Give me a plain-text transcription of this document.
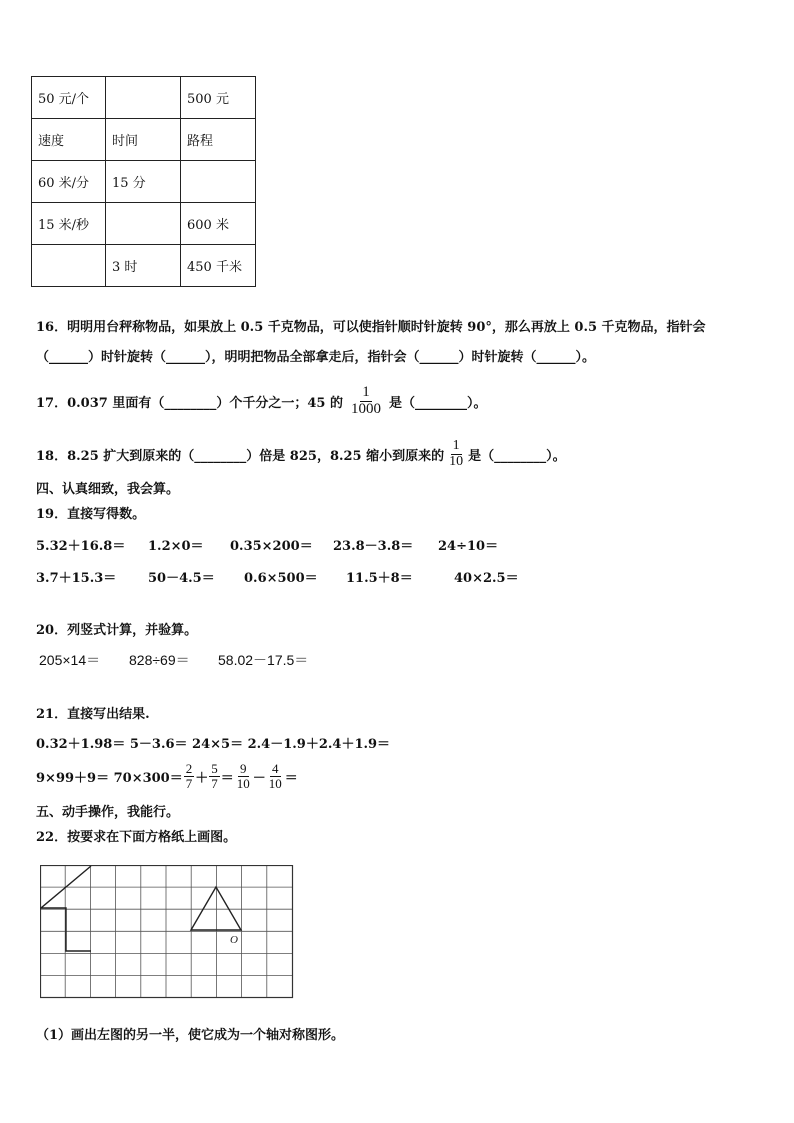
50 元/个		500 元
速度	时间	路程
60 米/分	15 分	
15 米/秒		600 米
	3 时	450 千米
16．明明用台秤称物品，如果放上 0.5 千克物品，可以使指针顺时针旋转 90°，那么再放上 0.5 千克物品，指针会
（______）时针旋转（______），明明把物品全部拿走后，指针会（______）时针旋转（______）。
17．0.037 里面有（________）个千分之一；45 的 $\frac{1}{1000}$ 是（________）。
18．8.25 扩大到原来的（________）倍是 825，8.25 缩小到原来的 $\frac{1}{10}$ 是（________）。
四、认真细致，我会算。
19．直接写得数。
5.32＋16.8＝ 1.2×0＝ 0.35×200＝ 23.8－3.8＝ 24÷10＝
3.7＋15.3＝ 50－4.5＝ 0.6×500＝ 11.5＋8＝	40×2.5＝
20．列竖式计算，并验算。
205×14＝ 828÷69＝ 58.02－17.5＝
21．直接写出结果.
0.32＋1.98＝ 5－3.6＝ 24×5＝ 2.4－1.9＋2.4＋1.9＝
$9\times 99+9= 70\times 300= \frac{2}{7} + \frac{5}{7} = \frac{9}{10} - \frac{4}{10}$ ＝
五、动手操作，我能行。
22．按要求在下面方格纸上画图。
O
（1）画出左图的另一半，使它成为一个轴对称图形。
